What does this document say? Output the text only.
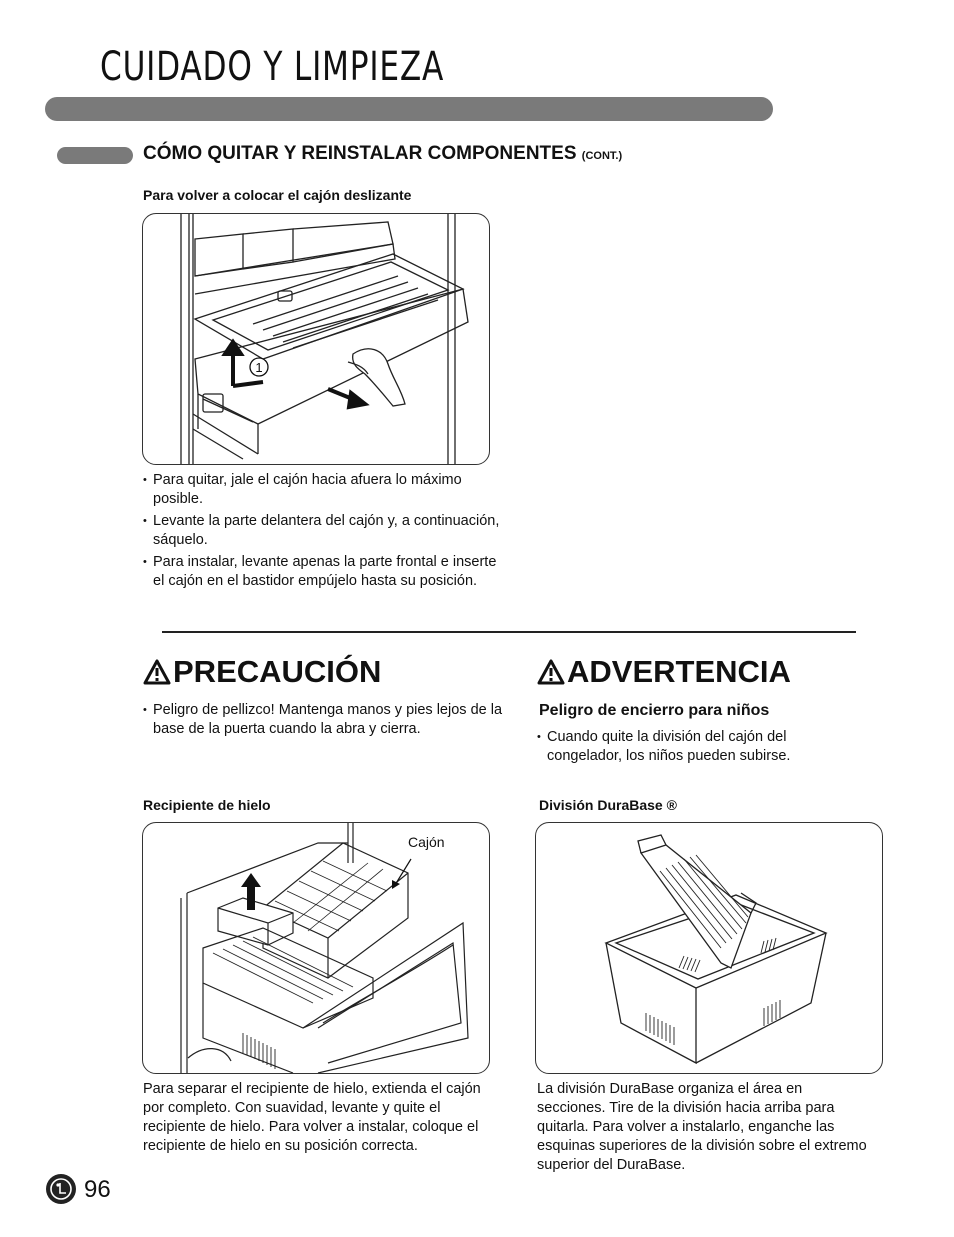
CUIDADO Y LIMPIEZA
CÓMO QUITAR Y REINSTALAR COMPONENTES (CONT.)
Para volver a colocar el cajón deslizante
1
• Para quitar, jale el cajón hacia afuera lo máximo posible.
• Levante la parte delantera del cajón y, a continuación, sáquelo.
• Para instalar, levante apenas la parte frontal e inserte el cajón en el bastidor empújelo hasta su posición.
PRECAUCIÓN
• Peligro de pellizco! Mantenga manos y pies lejos de la base de la puerta cuando la abra y cierra.
ADVERTENCIA
Peligro de encierro para niños
• Cuando quite la división del cajón del congelador, los niños pueden subirse.
Recipiente de hielo
Cajón
Para separar el recipiente de hielo, extienda el cajón por completo. Con suavidad, levante y quite el recipiente de hielo. Para volver a instalar, coloque el recipiente de hielo en su posición correcta.
División DuraBase ®
La división DuraBase organiza el área en secciones. Tire de la división hacia arriba para quitarla. Para volver a instalarlo, enganche las esquinas superiores de la división sobre el extremo superior del DuraBase.
96
